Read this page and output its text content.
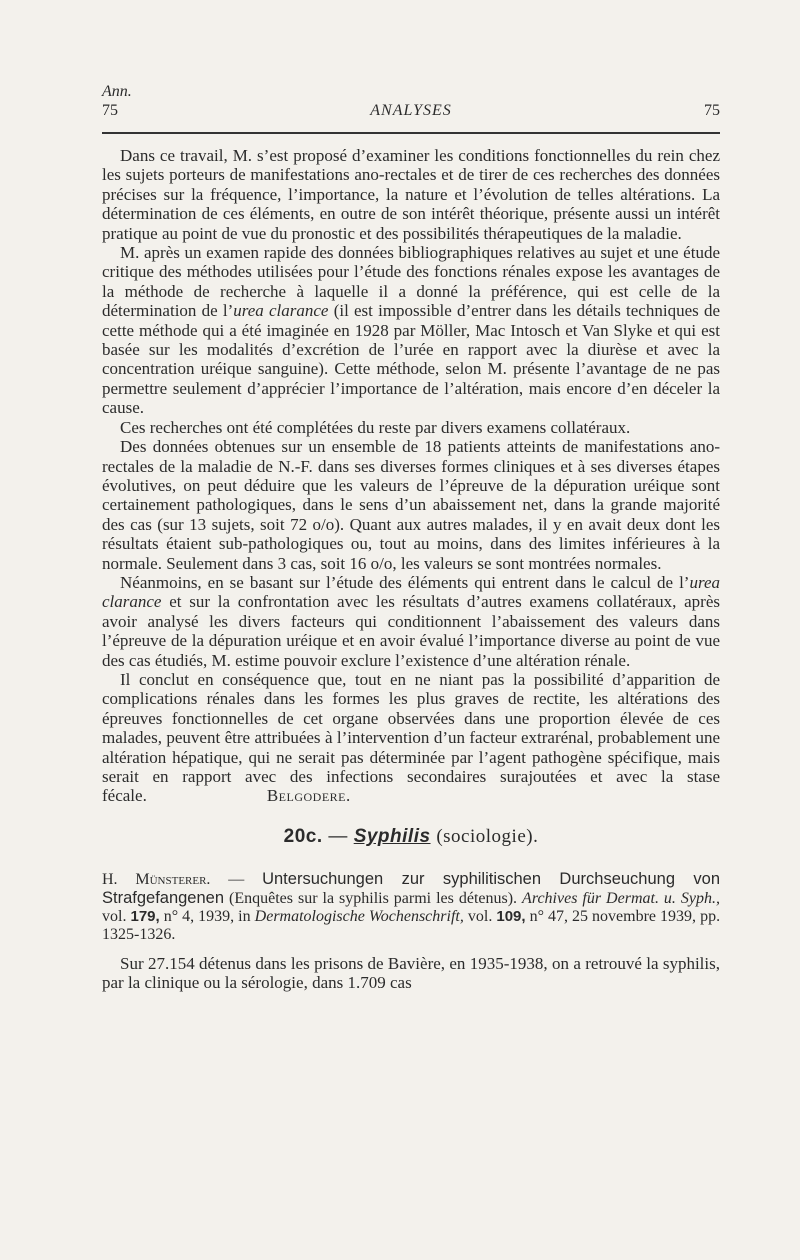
Ann.
75	ANALYSES	75

Dans ce travail, M. s’est proposé d’examiner les conditions fonctionnelles du rein chez les sujets porteurs de manifestations ano-rectales et de tirer de ces recherches des données précises sur la fréquence, l’importance, la nature et l’évolution de telles altérations. La détermination de ces éléments, en outre de son intérêt théorique, présente aussi un intérêt pratique au point de vue du pronostic et des possibilités thérapeutiques de la maladie.

M. après un examen rapide des données bibliographiques relatives au sujet et une étude critique des méthodes utilisées pour l’étude des fonctions rénales expose les avantages de la méthode de recherche à laquelle il a donné la préférence, qui est celle de la détermination de l’urea clarance (il est impossible d’entrer dans les détails techniques de cette méthode qui a été imaginée en 1928 par Möller, Mac Intosch et Van Slyke et qui est basée sur les modalités d’excrétion de l’urée en rapport avec la diurèse et avec la concentration uréique sanguine). Cette méthode, selon M. présente l’avantage de ne pas permettre seulement d’apprécier l’importance de l’altération, mais encore d’en déceler la cause.

Ces recherches ont été complétées du reste par divers examens collatéraux.

Des données obtenues sur un ensemble de 18 patients atteints de manifestations ano-rectales de la maladie de N.-F. dans ses diverses formes cliniques et à ses diverses étapes évolutives, on peut déduire que les valeurs de l’épreuve de la dépuration uréique sont certainement pathologiques, dans le sens d’un abaissement net, dans la grande majorité des cas (sur 13 sujets, soit 72 o/o). Quant aux autres malades, il y en avait deux dont les résultats étaient sub-pathologiques ou, tout au moins, dans des limites inférieures à la normale. Seulement dans 3 cas, soit 16 o/o, les valeurs se sont montrées normales.

Néanmoins, en se basant sur l’étude des éléments qui entrent dans le calcul de l’urea clarance et sur la confrontation avec les résultats d’autres examens collatéraux, après avoir analysé les divers facteurs qui conditionnent l’abaissement des valeurs dans l’épreuve de la dépuration uréique et en avoir évalué l’importance diverse au point de vue des cas étudiés, M. estime pouvoir exclure l’existence d’une altération rénale.

Il conclut en conséquence que, tout en ne niant pas la possibilité d’apparition de complications rénales dans les formes les plus graves de rectite, les altérations des épreuves fonctionnelles de cet organe observées dans une proportion élevée de ces malades, peuvent être attribuées à l’intervention d’un facteur extrarénal, probablement une altération hépatique, qui ne serait pas déterminée par l’agent pathogène spécifique, mais serait en rapport avec des infections secondaires surajoutées et avec la stase fécale.	Belgodere.

20c. — Syphilis (sociologie).

H. Münsterer. — Untersuchungen zur syphilitischen Durchseuchung von Strafgefangenen (Enquêtes sur la syphilis parmi les détenus). Archives für Dermat. u. Syph., vol. 179, n° 4, 1939, in Dermatologische Wochenschrift, vol. 109, n° 47, 25 novembre 1939, pp. 1325-1326.

Sur 27.154 détenus dans les prisons de Bavière, en 1935-1938, on a retrouvé la syphilis, par la clinique ou la sérologie, dans 1.709 cas
